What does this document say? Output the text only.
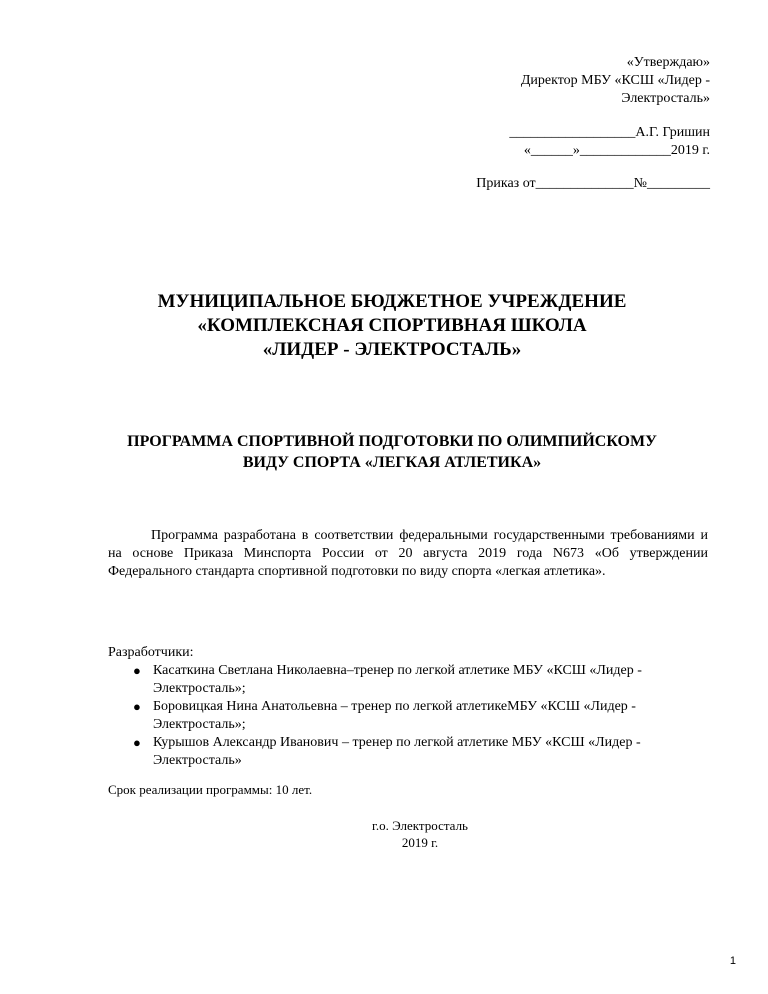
«Утверждаю»
Директор МБУ «КСШ «Лидер -
Электросталь»
__________________А.Г. Гришин
«______»_____________2019 г.
Приказ от______________№_________
МУНИЦИПАЛЬНОЕ БЮДЖЕТНОЕ УЧРЕЖДЕНИЕ
«КОМПЛЕКСНАЯ СПОРТИВНАЯ ШКОЛА
«ЛИДЕР - ЭЛЕКТРОСТАЛЬ»
ПРОГРАММА СПОРТИВНОЙ ПОДГОТОВКИ ПО ОЛИМПИЙСКОМУ
ВИДУ СПОРТА «ЛЕГКАЯ АТЛЕТИКА»

Программа разработана в соответствии федеральными государственными требованиями и на основе Приказа Минспорта России от 20 августа 2019 года N673 «Об утверждении Федерального стандарта спортивной подготовки по виду спорта «легкая атлетика».

Разработчики:
● Касаткина Светлана Николаевна–тренер по легкой атлетике МБУ «КСШ «Лидер -
Электросталь»;
● Боровицкая Нина Анатольевна – тренер по легкой атлетикеМБУ «КСШ «Лидер -
Электросталь»;
● Курышов Александр Иванович – тренер по легкой атлетике МБУ «КСШ «Лидер -
Электросталь»
Срок реализации программы: 10 лет.
г.о. Электросталь
2019 г.
1
